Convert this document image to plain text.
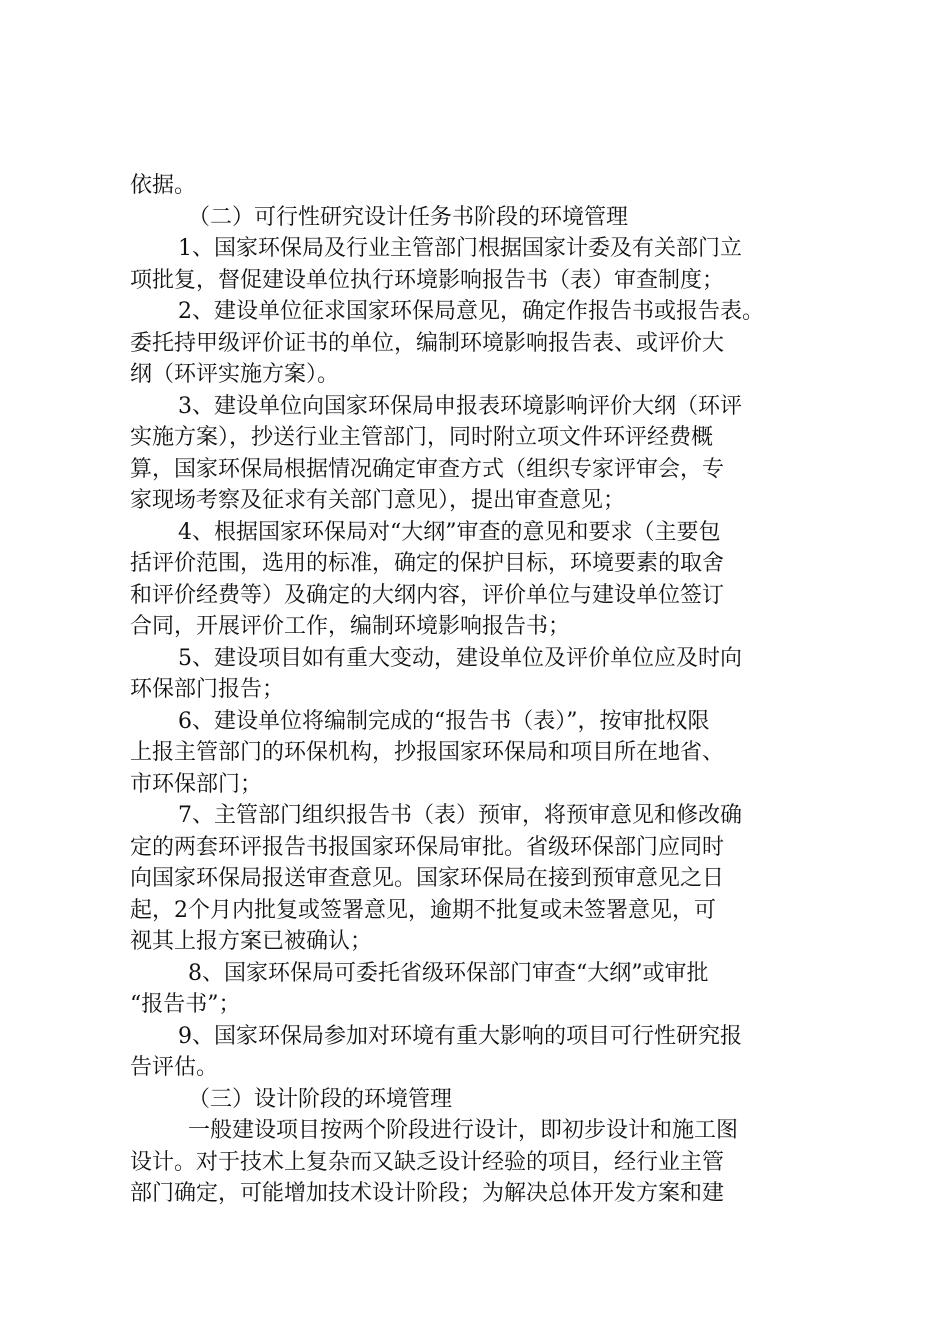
依据。
（二）可行性研究设计任务书阶段的环境管理
1、国家环保局及行业主管部门根据国家计委及有关部门立
项批复，督促建设单位执行环境影响报告书（表）审查制度；
2、建设单位征求国家环保局意见，确定作报告书或报告表。
委托持甲级评价证书的单位，编制环境影响报告表、或评价大
纲（环评实施方案）。
3、建设单位向国家环保局申报表环境影响评价大纲（环评
实施方案），抄送行业主管部门，同时附立项文件环评经费概
算，国家环保局根据情况确定审查方式（组织专家评审会，专
家现场考察及征求有关部门意见），提出审查意见；
4、根据国家环保局对“大纲”审查的意见和要求（主要包
括评价范围，选用的标准，确定的保护目标，环境要素的取舍
和评价经费等）及确定的大纲内容，评价单位与建设单位签订
合同，开展评价工作，编制环境影响报告书；
5、建设项目如有重大变动，建设单位及评价单位应及时向
环保部门报告；
6、建设单位将编制完成的“报告书（表）”，按审批权限
上报主管部门的环保机构，抄报国家环保局和项目所在地省、
市环保部门；
7、主管部门组织报告书（表）预审，将预审意见和修改确
定的两套环评报告书报国家环保局审批。省级环保部门应同时
向国家环保局报送审查意见。国家环保局在接到预审意见之日
起，2个月内批复或签署意见，逾期不批复或未签署意见，可
视其上报方案已被确认；
8、国家环保局可委托省级环保部门审查“大纲”或审批
“报告书”；
9、国家环保局参加对环境有重大影响的项目可行性研究报
告评估。
（三）设计阶段的环境管理
一般建设项目按两个阶段进行设计，即初步设计和施工图
设计。对于技术上复杂而又缺乏设计经验的项目，经行业主管
部门确定，可能增加技术设计阶段；为解决总体开发方案和建
